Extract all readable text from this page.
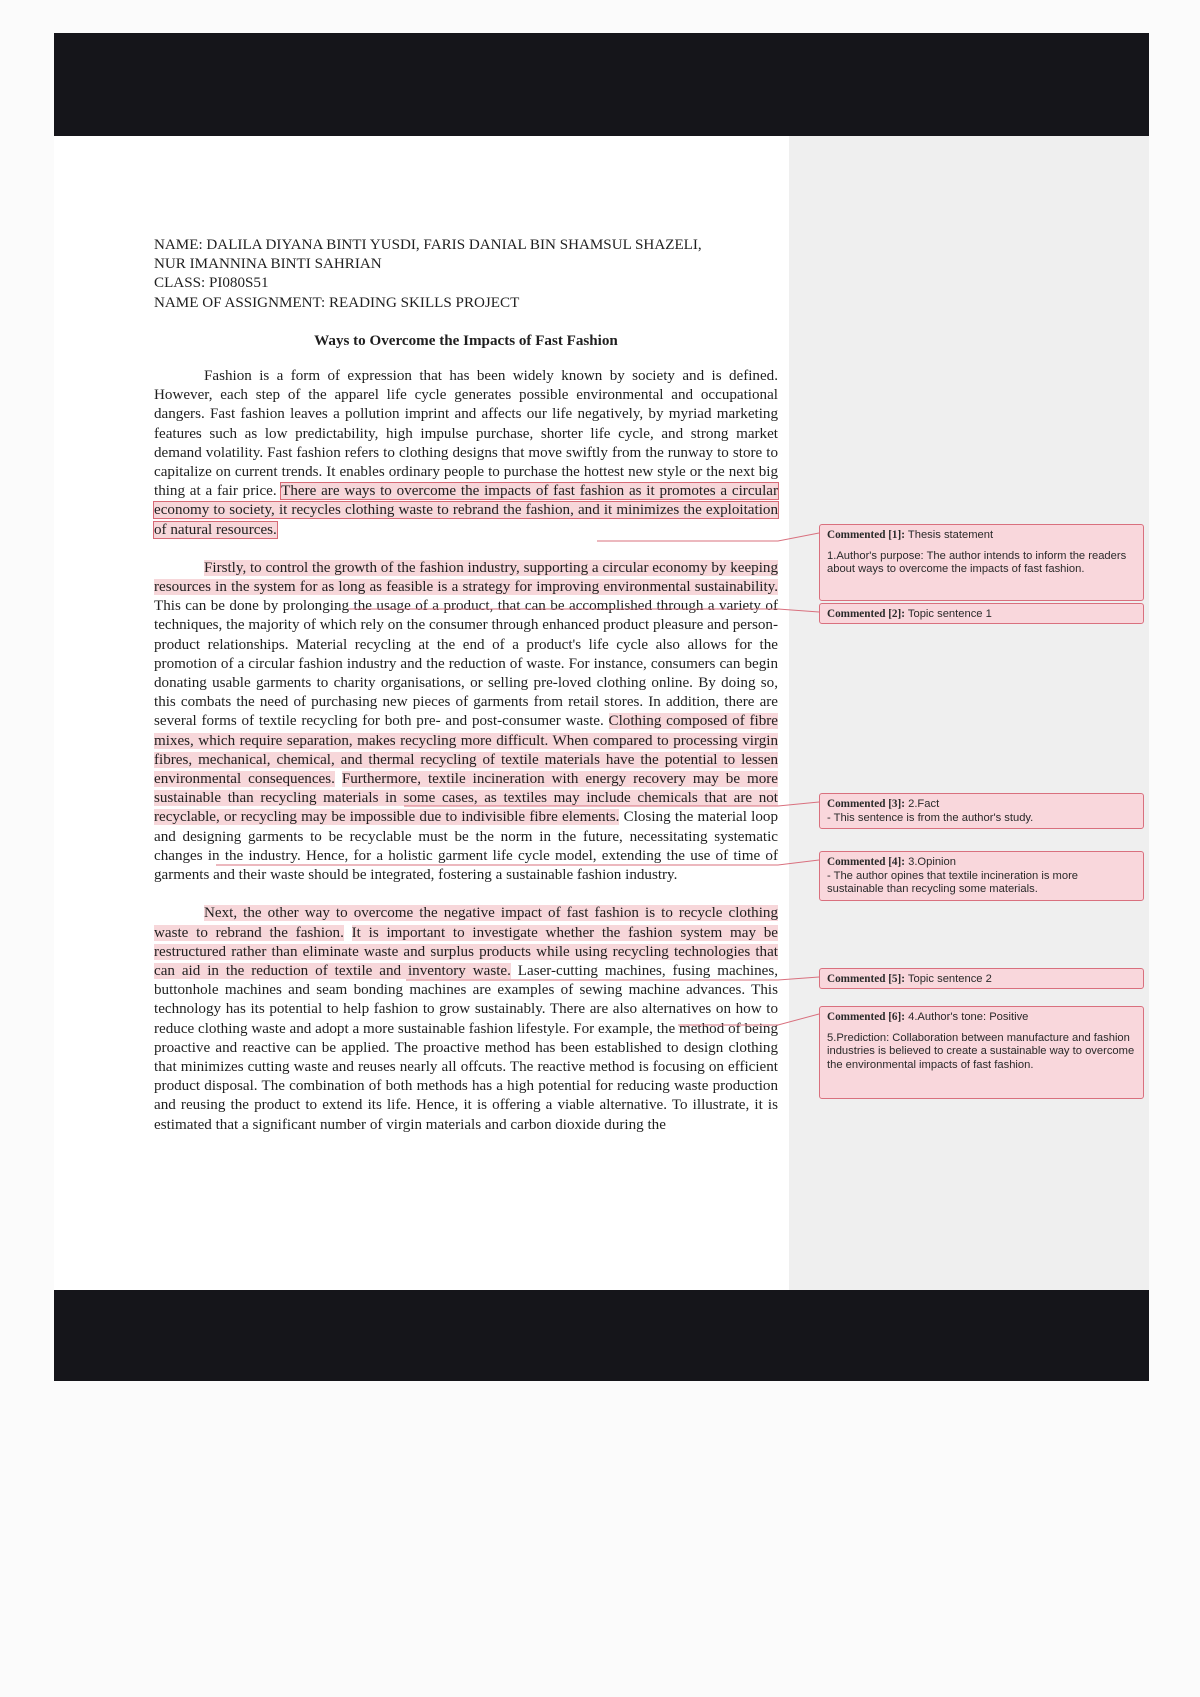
NAME: DALILA DIYANA BINTI YUSDI, FARIS DANIAL BIN SHAMSUL SHAZELI,
NUR IMANNINA BINTI SAHRIAN
CLASS: PI080S51
NAME OF ASSIGNMENT: READING SKILLS PROJECT
Ways to Overcome the Impacts of Fast Fashion

Fashion is a form of expression that has been widely known by society and is defined. However, each step of the apparel life cycle generates possible environmental and occupational dangers. Fast fashion leaves a pollution imprint and affects our life negatively, by myriad marketing features such as low predictability, high impulse purchase, shorter life cycle, and strong market demand volatility. Fast fashion refers to clothing designs that move swiftly from the runway to store to capitalize on current trends. It enables ordinary people to purchase the hottest new style or the next big thing at a fair price. There are ways to overcome the impacts of fast fashion as it promotes a circular economy to society, it recycles clothing waste to rebrand the fashion, and it minimizes the exploitation of natural resources.

Firstly, to control the growth of the fashion industry, supporting a circular economy by keeping resources in the system for as long as feasible is a strategy for improving environmental sustainability. This can be done by prolonging the usage of a product, that can be accomplished through a variety of techniques, the majority of which rely on the consumer through enhanced product pleasure and person-product relationships. Material recycling at the end of a product's life cycle also allows for the promotion of a circular fashion industry and the reduction of waste. For instance, consumers can begin donating usable garments to charity organisations, or selling pre-loved clothing online. By doing so, this combats the need of purchasing new pieces of garments from retail stores. In addition, there are several forms of textile recycling for both pre- and post-consumer waste. Clothing composed of fibre mixes, which require separation, makes recycling more difficult. When compared to processing virgin fibres, mechanical, chemical, and thermal recycling of textile materials have the potential to lessen environmental consequences. Furthermore, textile incineration with energy recovery may be more sustainable than recycling materials in some cases, as textiles may include chemicals that are not recyclable, or recycling may be impossible due to indivisible fibre elements. Closing the material loop and designing garments to be recyclable must be the norm in the future, necessitating systematic changes in the industry. Hence, for a holistic garment life cycle model, extending the use of time of garments and their waste should be integrated, fostering a sustainable fashion industry.

Next, the other way to overcome the negative impact of fast fashion is to recycle clothing waste to rebrand the fashion. It is important to investigate whether the fashion system may be restructured rather than eliminate waste and surplus products while using recycling technologies that can aid in the reduction of textile and inventory waste. Laser-cutting machines, fusing machines, buttonhole machines and seam bonding machines are examples of sewing machine advances. This technology has its potential to help fashion to grow sustainably. There are also alternatives on how to reduce clothing waste and adopt a more sustainable fashion lifestyle. For example, the method of being proactive and reactive can be applied. The proactive method has been established to design clothing that minimizes cutting waste and reuses nearly all offcuts. The reactive method is focusing on efficient product disposal. The combination of both methods has a high potential for reducing waste production and reusing the product to extend its life. Hence, it is offering a viable alternative. To illustrate, it is estimated that a significant number of virgin materials and carbon dioxide during the

Commented [1]: Thesis statement
1.Author's purpose: The author intends to inform the readers about ways to overcome the impacts of fast fashion.
Commented [2]: Topic sentence 1
Commented [3]: 2.Fact
- This sentence is from the author's study.
Commented [4]: 3.Opinion
- The author opines that textile incineration is more sustainable than recycling some materials.
Commented [5]: Topic sentence 2
Commented [6]: 4.Author's tone: Positive
5.Prediction: Collaboration between manufacture and fashion industries is believed to create a sustainable way to overcome the environmental impacts of fast fashion.
